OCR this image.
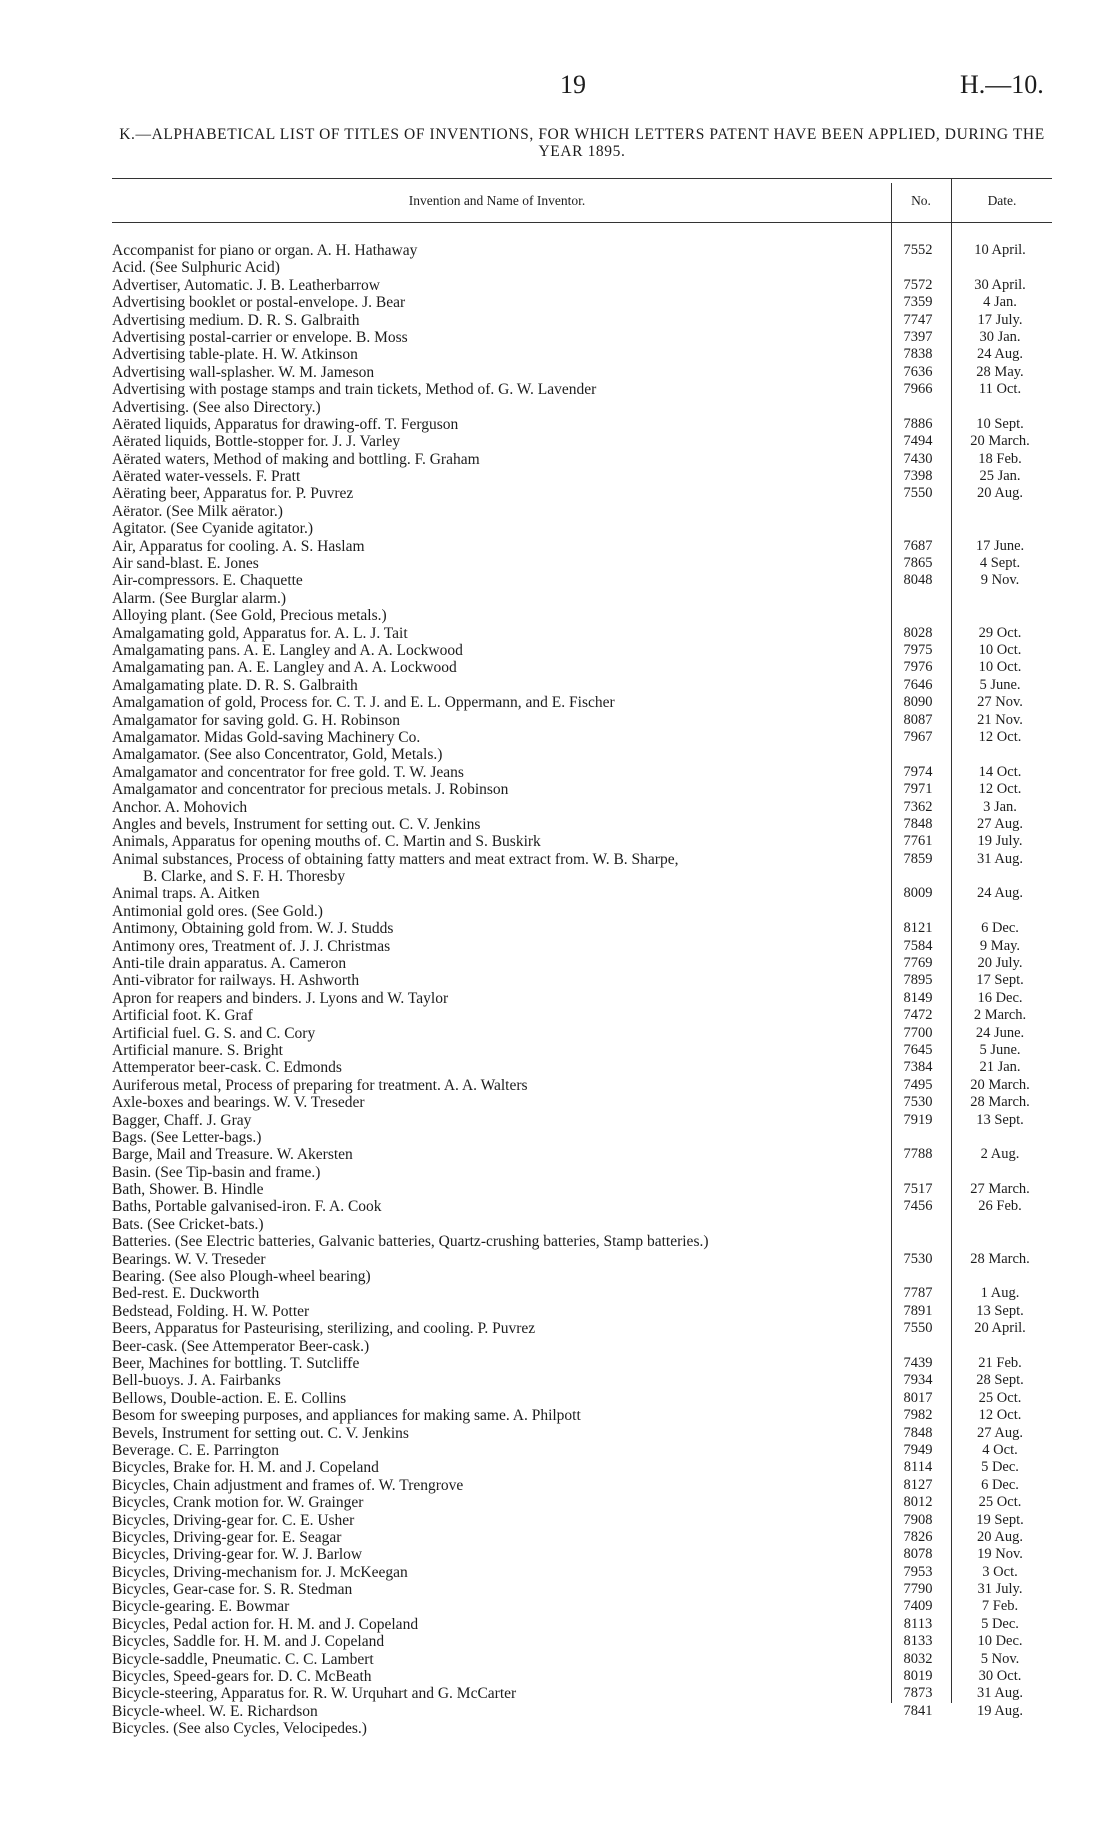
19	H.—10.
K.—ALPHABETICAL LIST OF TITLES OF INVENTIONS, FOR WHICH LETTERS PATENT HAVE BEEN APPLIED, DURING THE YEAR 1895.
Invention and Name of Inventor.	No.	Date.
Accompanist for piano or organ. A. H. Hathaway	7552	10 April.
Acid. (See Sulphuric Acid)
Advertiser, Automatic. J. B. Leatherbarrow	7572	30 April.
Advertising booklet or postal-envelope. J. Bear	7359	4 Jan.
Advertising medium. D. R. S. Galbraith	7747	17 July.
Advertising postal-carrier or envelope. B. Moss	7397	30 Jan.
Advertising table-plate. H. W. Atkinson	7838	24 Aug.
Advertising wall-splasher. W. M. Jameson	7636	28 May.
Advertising with postage stamps and train tickets, Method of. G. W. Lavender	7966	11 Oct.
Advertising. (See also Directory.)
Aërated liquids, Apparatus for drawing-off. T. Ferguson	7886	10 Sept.
Aërated liquids, Bottle-stopper for. J. J. Varley	7494	20 March.
Aërated waters, Method of making and bottling. F. Graham	7430	18 Feb.
Aërated water-vessels. F. Pratt	7398	25 Jan.
Aërating beer, Apparatus for. P. Puvrez	7550	20 Aug.
Aërator. (See Milk aërator.)
Agitator. (See Cyanide agitator.)
Air, Apparatus for cooling. A. S. Haslam	7687	17 June.
Air sand-blast. E. Jones	7865	4 Sept.
Air-compressors. E. Chaquette	8048	9 Nov.
Alarm. (See Burglar alarm.)
Alloying plant. (See Gold, Precious metals.)
Amalgamating gold, Apparatus for. A. L. J. Tait	8028	29 Oct.
Amalgamating pans. A. E. Langley and A. A. Lockwood	7975	10 Oct.
Amalgamating pan. A. E. Langley and A. A. Lockwood	7976	10 Oct.
Amalgamating plate. D. R. S. Galbraith	7646	5 June.
Amalgamation of gold, Process for. C. T. J. and E. L. Oppermann, and E. Fischer	8090	27 Nov.
Amalgamator for saving gold. G. H. Robinson	8087	21 Nov.
Amalgamator. Midas Gold-saving Machinery Co.	7967	12 Oct.
Amalgamator. (See also Concentrator, Gold, Metals.)
Amalgamator and concentrator for free gold. T. W. Jeans	7974	14 Oct.
Amalgamator and concentrator for precious metals. J. Robinson	7971	12 Oct.
Anchor. A. Mohovich	7362	3 Jan.
Angles and bevels, Instrument for setting out. C. V. Jenkins	7848	27 Aug.
Animals, Apparatus for opening mouths of. C. Martin and S. Buskirk	7761	19 July.
Animal substances, Process of obtaining fatty matters and meat extract from. W. B. Sharpe,	7859	31 Aug.
B. Clarke, and S. F. H. Thoresby
Animal traps. A. Aitken	8009	24 Aug.
Antimonial gold ores. (See Gold.)
Antimony, Obtaining gold from. W. J. Studds	8121	6 Dec.
Antimony ores, Treatment of. J. J. Christmas	7584	9 May.
Anti-tile drain apparatus. A. Cameron	7769	20 July.
Anti-vibrator for railways. H. Ashworth	7895	17 Sept.
Apron for reapers and binders. J. Lyons and W. Taylor	8149	16 Dec.
Artificial foot. K. Graf	7472	2 March.
Artificial fuel. G. S. and C. Cory	7700	24 June.
Artificial manure. S. Bright	7645	5 June.
Attemperator beer-cask. C. Edmonds	7384	21 Jan.
Auriferous metal, Process of preparing for treatment. A. A. Walters	7495	20 March.
Axle-boxes and bearings. W. V. Treseder	7530	28 March.
Bagger, Chaff. J. Gray	7919	13 Sept.
Bags. (See Letter-bags.)
Barge, Mail and Treasure. W. Akersten	7788	2 Aug.
Basin. (See Tip-basin and frame.)
Bath, Shower. B. Hindle	7517	27 March.
Baths, Portable galvanised-iron. F. A. Cook	7456	26 Feb.
Bats. (See Cricket-bats.)
Batteries. (See Electric batteries, Galvanic batteries, Quartz-crushing batteries, Stamp batteries.)
Bearings. W. V. Treseder	7530	28 March.
Bearing. (See also Plough-wheel bearing)
Bed-rest. E. Duckworth	7787	1 Aug.
Bedstead, Folding. H. W. Potter	7891	13 Sept.
Beers, Apparatus for Pasteurising, sterilizing, and cooling. P. Puvrez	7550	20 April.
Beer-cask. (See Attemperator Beer-cask.)
Beer, Machines for bottling. T. Sutcliffe	7439	21 Feb.
Bell-buoys. J. A. Fairbanks	7934	28 Sept.
Bellows, Double-action. E. E. Collins	8017	25 Oct.
Besom for sweeping purposes, and appliances for making same. A. Philpott	7982	12 Oct.
Bevels, Instrument for setting out. C. V. Jenkins	7848	27 Aug.
Beverage. C. E. Parrington	7949	4 Oct.
Bicycles, Brake for. H. M. and J. Copeland	8114	5 Dec.
Bicycles, Chain adjustment and frames of. W. Trengrove	8127	6 Dec.
Bicycles, Crank motion for. W. Grainger	8012	25 Oct.
Bicycles, Driving-gear for. C. E. Usher	7908	19 Sept.
Bicycles, Driving-gear for. E. Seagar	7826	20 Aug.
Bicycles, Driving-gear for. W. J. Barlow	8078	19 Nov.
Bicycles, Driving-mechanism for. J. McKeegan	7953	3 Oct.
Bicycles, Gear-case for. S. R. Stedman	7790	31 July.
Bicycle-gearing. E. Bowmar	7409	7 Feb.
Bicycles, Pedal action for. H. M. and J. Copeland	8113	5 Dec.
Bicycles, Saddle for. H. M. and J. Copeland	8133	10 Dec.
Bicycle-saddle, Pneumatic. C. C. Lambert	8032	5 Nov.
Bicycles, Speed-gears for. D. C. McBeath	8019	30 Oct.
Bicycle-steering, Apparatus for. R. W. Urquhart and G. McCarter	7873	31 Aug.
Bicycle-wheel. W. E. Richardson	7841	19 Aug.
Bicycles. (See also Cycles, Velocipedes.)
